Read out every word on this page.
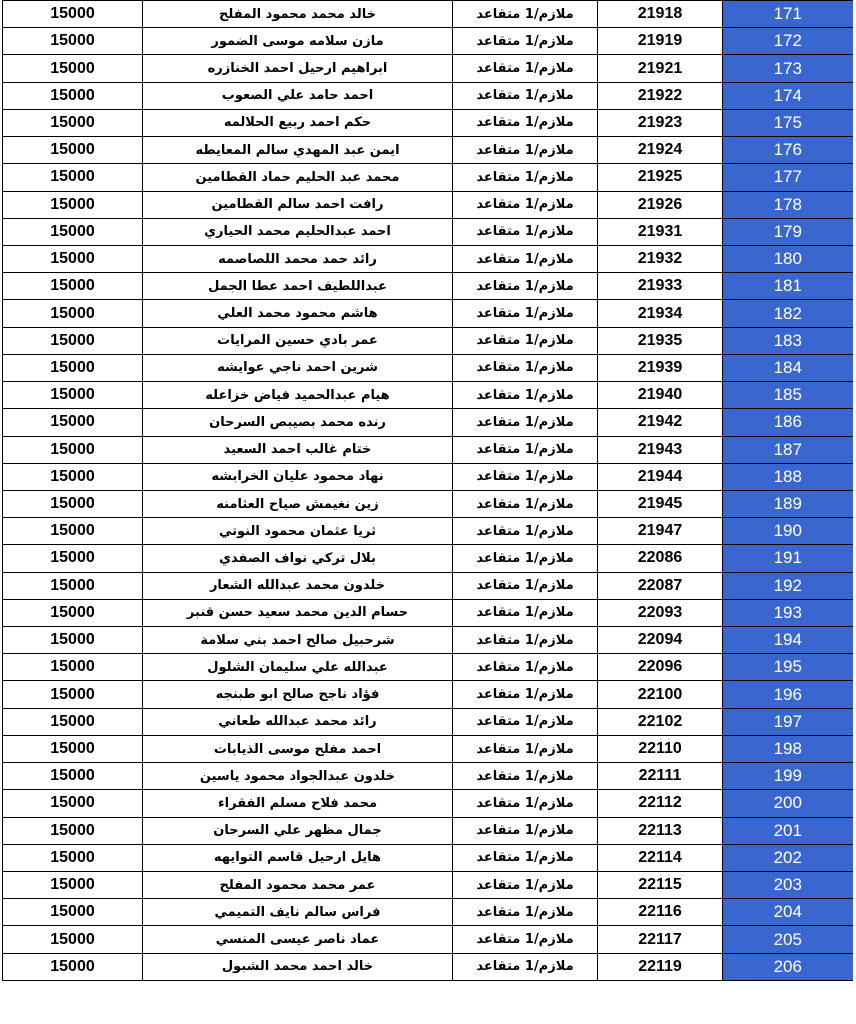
15000	خالد محمد محمود المفلح	ملازم/1 متقاعد	21918	171
15000	مازن سلامه موسى الضمور	ملازم/1 متقاعد	21919	172
15000	ابراهيم ارحيل احمد الخنازره	ملازم/1 متقاعد	21921	173
15000	احمد حامد علي الصعوب	ملازم/1 متقاعد	21922	174
15000	حكم احمد ربيع الحلالمه	ملازم/1 متقاعد	21923	175
15000	ايمن عبد المهدي سالم المعايطه	ملازم/1 متقاعد	21924	176
15000	محمد عبد الحليم حماد القطامين	ملازم/1 متقاعد	21925	177
15000	رافت احمد سالم القطامين	ملازم/1 متقاعد	21926	178
15000	احمد عبدالحليم محمد الحياري	ملازم/1 متقاعد	21931	179
15000	رائد حمد محمد اللصاصمه	ملازم/1 متقاعد	21932	180
15000	عبداللطيف احمد عطا الجمل	ملازم/1 متقاعد	21933	181
15000	هاشم محمود محمد العلي	ملازم/1 متقاعد	21934	182
15000	عمر بادي حسين المرايات	ملازم/1 متقاعد	21935	183
15000	شرين احمد ناجي عوايشه	ملازم/1 متقاعد	21939	184
15000	هيام عبدالحميد فياض خزاعله	ملازم/1 متقاعد	21940	185
15000	رنده محمد بصيبص السرحان	ملازم/1 متقاعد	21942	186
15000	ختام غالب احمد السعيد	ملازم/1 متقاعد	21943	187
15000	نهاد محمود عليان الخرابشه	ملازم/1 متقاعد	21944	188
15000	زين نغيمش صياح العثامنه	ملازم/1 متقاعد	21945	189
15000	ثريا عثمان محمود النوتي	ملازم/1 متقاعد	21947	190
15000	بلال تركي نواف الصفدي	ملازم/1 متقاعد	22086	191
15000	خلدون محمد عبدالله الشعار	ملازم/1 متقاعد	22087	192
15000	حسام الدين محمد سعيد حسن قنبر	ملازم/1 متقاعد	22093	193
15000	شرحبيل صالح احمد بني سلامة	ملازم/1 متقاعد	22094	194
15000	عبدالله علي سليمان الشلول	ملازم/1 متقاعد	22096	195
15000	فؤاد ناجح صالح ابو طبنجه	ملازم/1 متقاعد	22100	196
15000	رائد محمد عبدالله طعاني	ملازم/1 متقاعد	22102	197
15000	احمد مفلح موسى الذيابات	ملازم/1 متقاعد	22110	198
15000	خلدون عبدالجواد محمود ياسين	ملازم/1 متقاعد	22111	199
15000	محمد فلاح مسلم الفقراء	ملازم/1 متقاعد	22112	200
15000	جمال مظهر علي السرحان	ملازم/1 متقاعد	22113	201
15000	هايل ارحيل قاسم التوايهه	ملازم/1 متقاعد	22114	202
15000	عمر محمد محمود المفلح	ملازم/1 متقاعد	22115	203
15000	فراس سالم نايف التميمي	ملازم/1 متقاعد	22116	204
15000	عماد ناصر عيسى المنسي	ملازم/1 متقاعد	22117	205
15000	خالد احمد محمد الشبول	ملازم/1 متقاعد	22119	206
